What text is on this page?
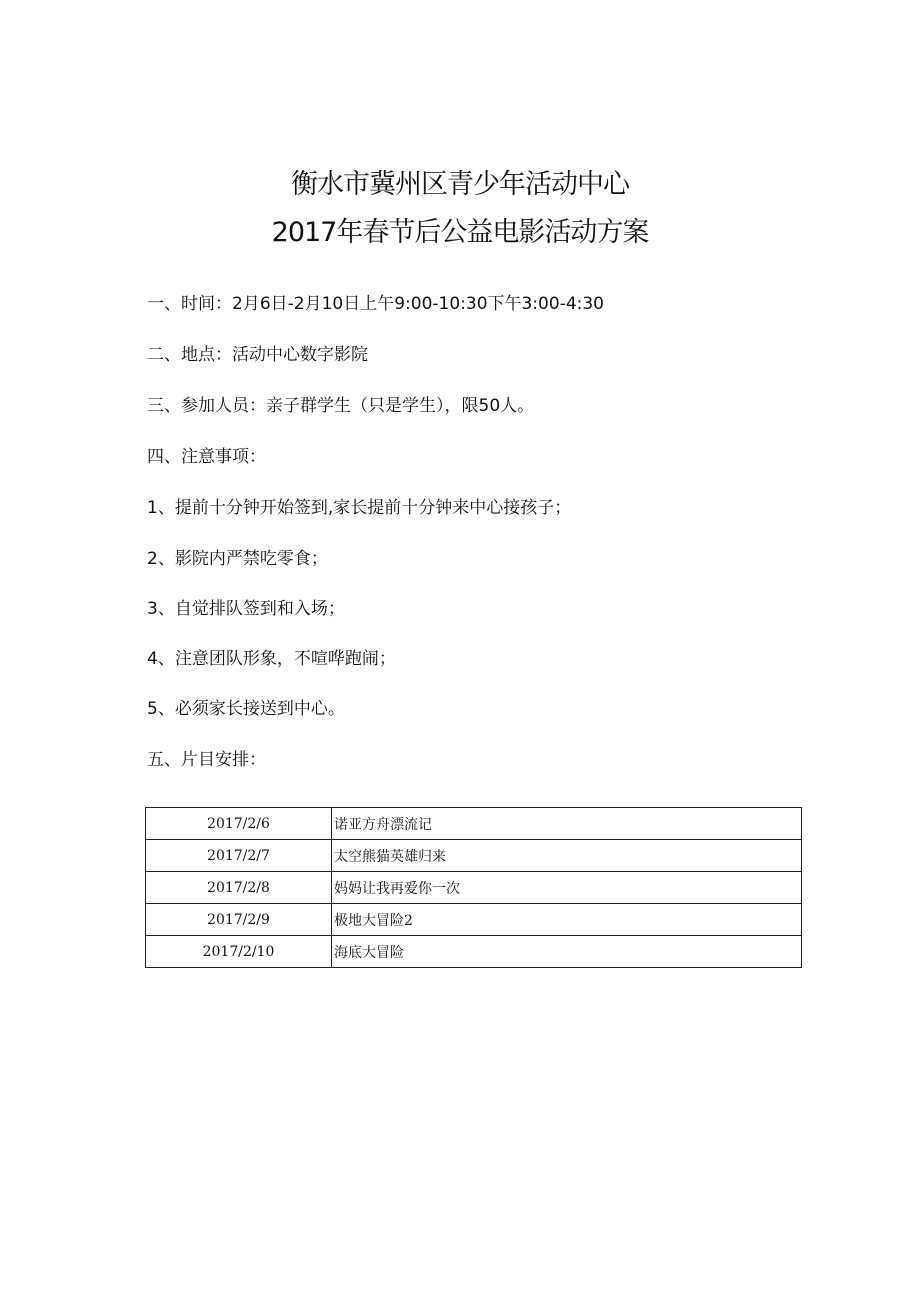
衡水市冀州区青少年活动中心
2017年春节后公益电影活动方案
一、时间：2月6日-2月10日上午9:00-10:30下午3:00-4:30
二、地点：活动中心数字影院
三、参加人员：亲子群学生（只是学生），限50人。
四、注意事项：
1、提前十分钟开始签到,家长提前十分钟来中心接孩子；
2、影院内严禁吃零食；
3、自觉排队签到和入场；
4、注意团队形象，不喧哗跑闹；
5、必须家长接送到中心。
五、片目安排：
2017/2/6	诺亚方舟漂流记
2017/2/7	太空熊猫英雄归来
2017/2/8	妈妈让我再爱你一次
2017/2/9	极地大冒险2
2017/2/10	海底大冒险
